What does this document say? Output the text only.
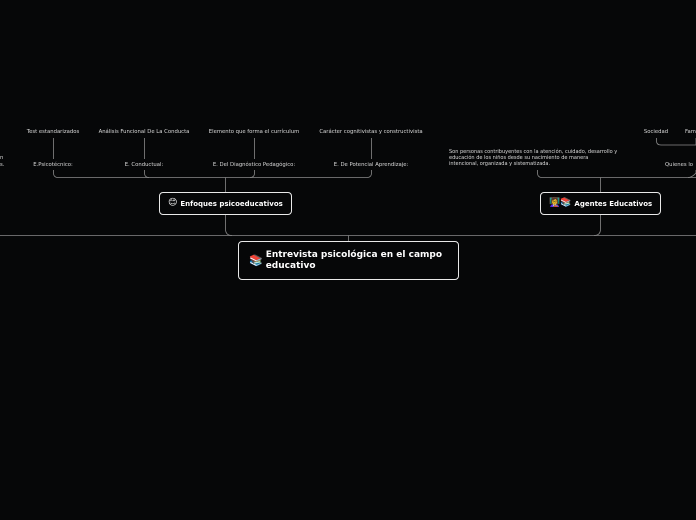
📚 Entrevista psicológica en el campo educativo
😊 Enfoques psicoeducativos	👩‍🏫📚 Agentes Educativos
E.Psicotécnico:	E. Conductual:	E. Del Diagnóstico Pedagógico:	E. De Potencial Aprendizaje:
Test estandarizados	Análisis Funcional De La Conducta	Elemento que forma el currículum	Carácter cognitivistas y constructivista
Son personas contribuyentes con la atención, cuidado, desarrollo y educación de los niños desde su nacimiento de manera intencional, organizada y sistematizada.	Quienes lo
Sociedad	Fam
n
s.
